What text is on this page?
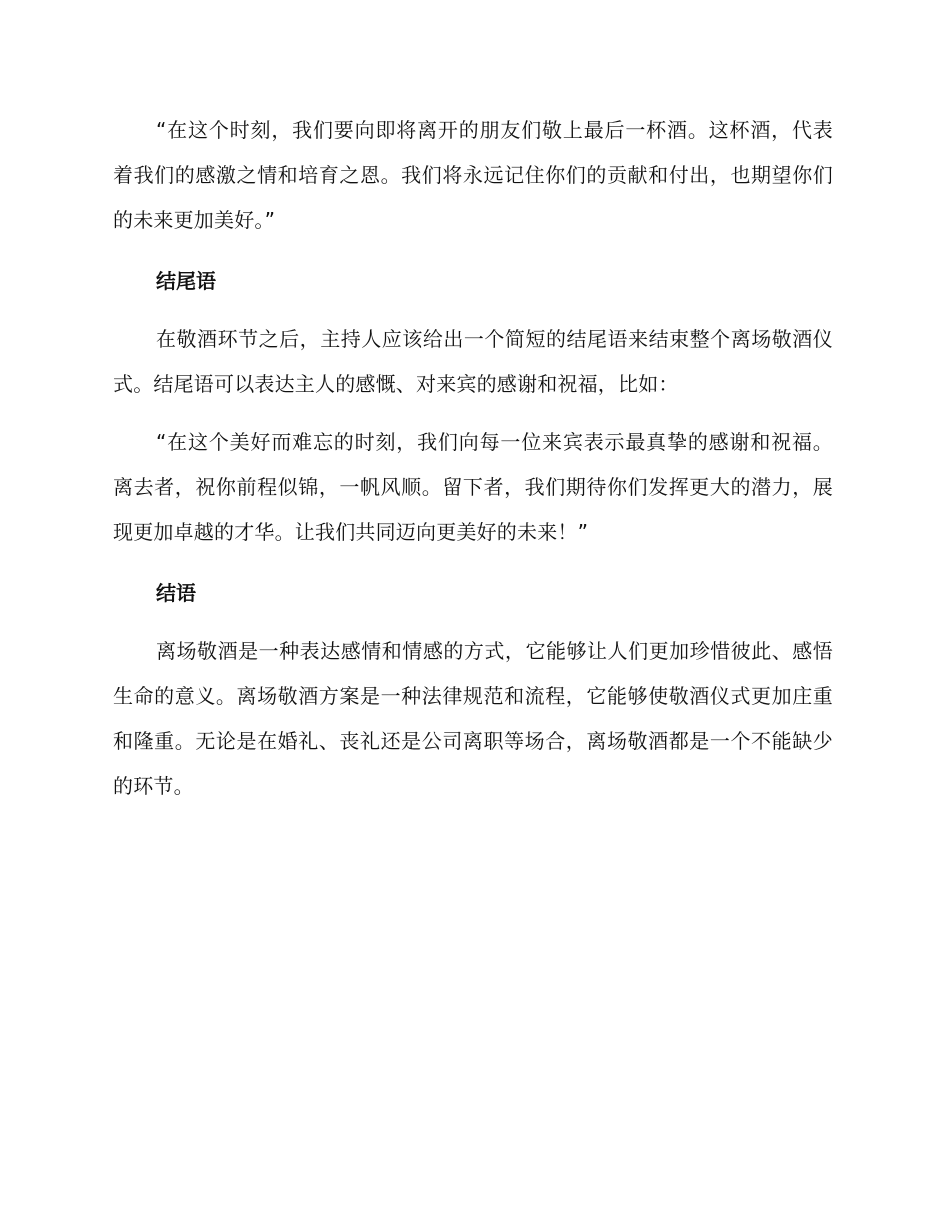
“在这个时刻，我们要向即将离开的朋友们敬上最后一杯酒。这杯酒，代表着我们的感激之情和培育之恩。我们将永远记住你们的贡献和付出，也期望你们的未来更加美好。”

结尾语

在敬酒环节之后，主持人应该给出一个简短的结尾语来结束整个离场敬酒仪式。结尾语可以表达主人的感慨、对来宾的感谢和祝福，比如：

“在这个美好而难忘的时刻，我们向每一位来宾表示最真挚的感谢和祝福。离去者，祝你前程似锦，一帆风顺。留下者，我们期待你们发挥更大的潜力，展现更加卓越的才华。让我们共同迈向更美好的未来！”

结语

离场敬酒是一种表达感情和情感的方式，它能够让人们更加珍惜彼此、感悟生命的意义。离场敬酒方案是一种法律规范和流程，它能够使敬酒仪式更加庄重和隆重。无论是在婚礼、丧礼还是公司离职等场合，离场敬酒都是一个不能缺少的环节。
